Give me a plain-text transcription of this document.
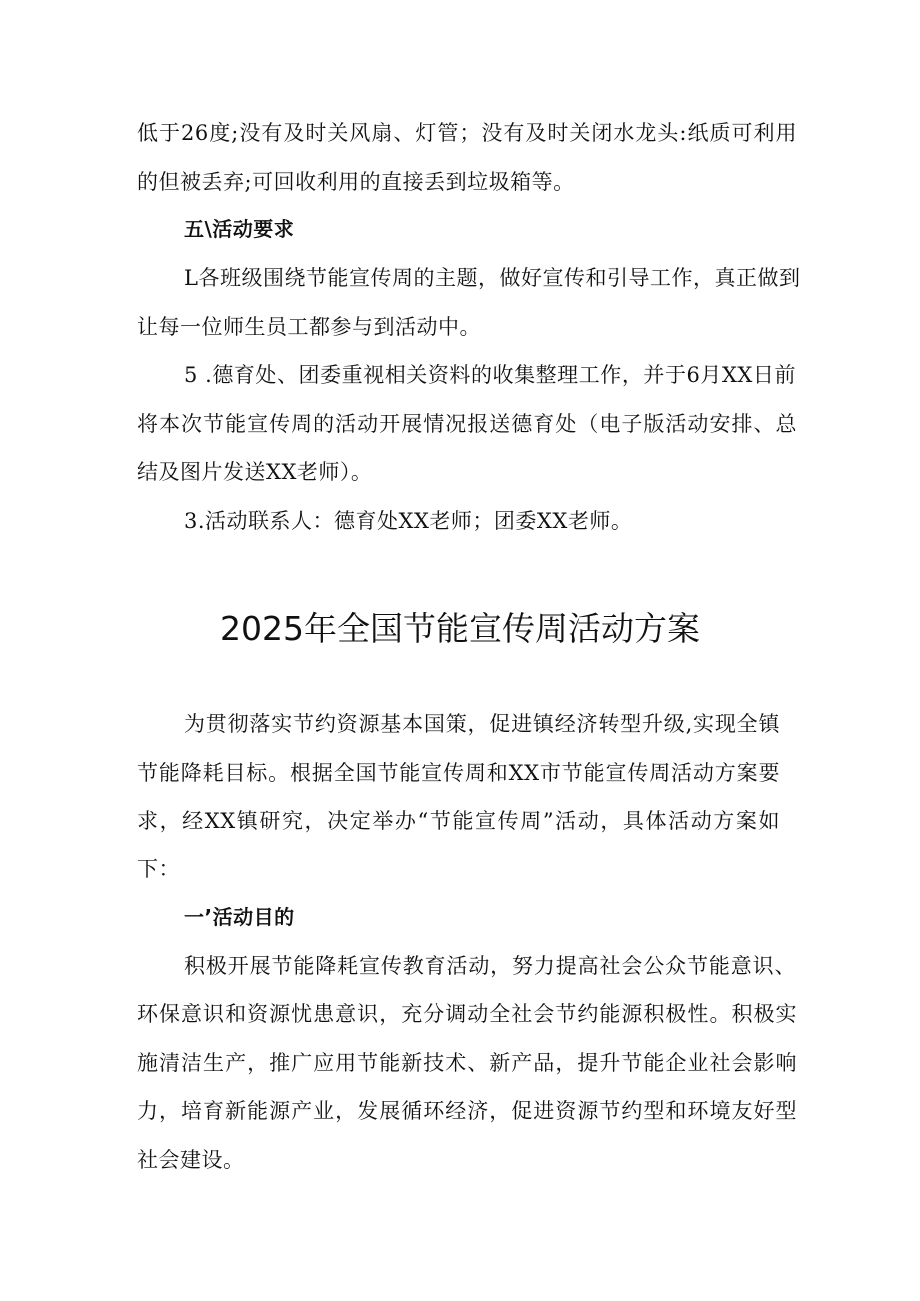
低于26度;没有及时关风扇、灯管；没有及时关闭水龙头:纸质可利用
的但被丢弃;可回收利用的直接丢到垃圾箱等。
五\活动要求
L各班级围绕节能宣传周的主题，做好宣传和引导工作，真正做到
让每一位师生员工都参与到活动中。
5 .德育处、团委重视相关资料的收集整理工作，并于6月XX日前
将本次节能宣传周的活动开展情况报送德育处（电子版活动安排、总
结及图片发送XX老师）。
3.活动联系人：德育处XX老师；团委XX老师。
2025年全国节能宣传周活动方案
为贯彻落实节约资源基本国策，促进镇经济转型升级,实现全镇
节能降耗目标。根据全国节能宣传周和XX市节能宣传周活动方案要
求，经XX镇研究，决定举办“节能宣传周”活动，具体活动方案如
下：
一’活动目的
积极开展节能降耗宣传教育活动，努力提高社会公众节能意识、
环保意识和资源忧患意识，充分调动全社会节约能源积极性。积极实
施清洁生产，推广应用节能新技术、新产品，提升节能企业社会影响
力，培育新能源产业，发展循环经济，促进资源节约型和环境友好型
社会建设。
